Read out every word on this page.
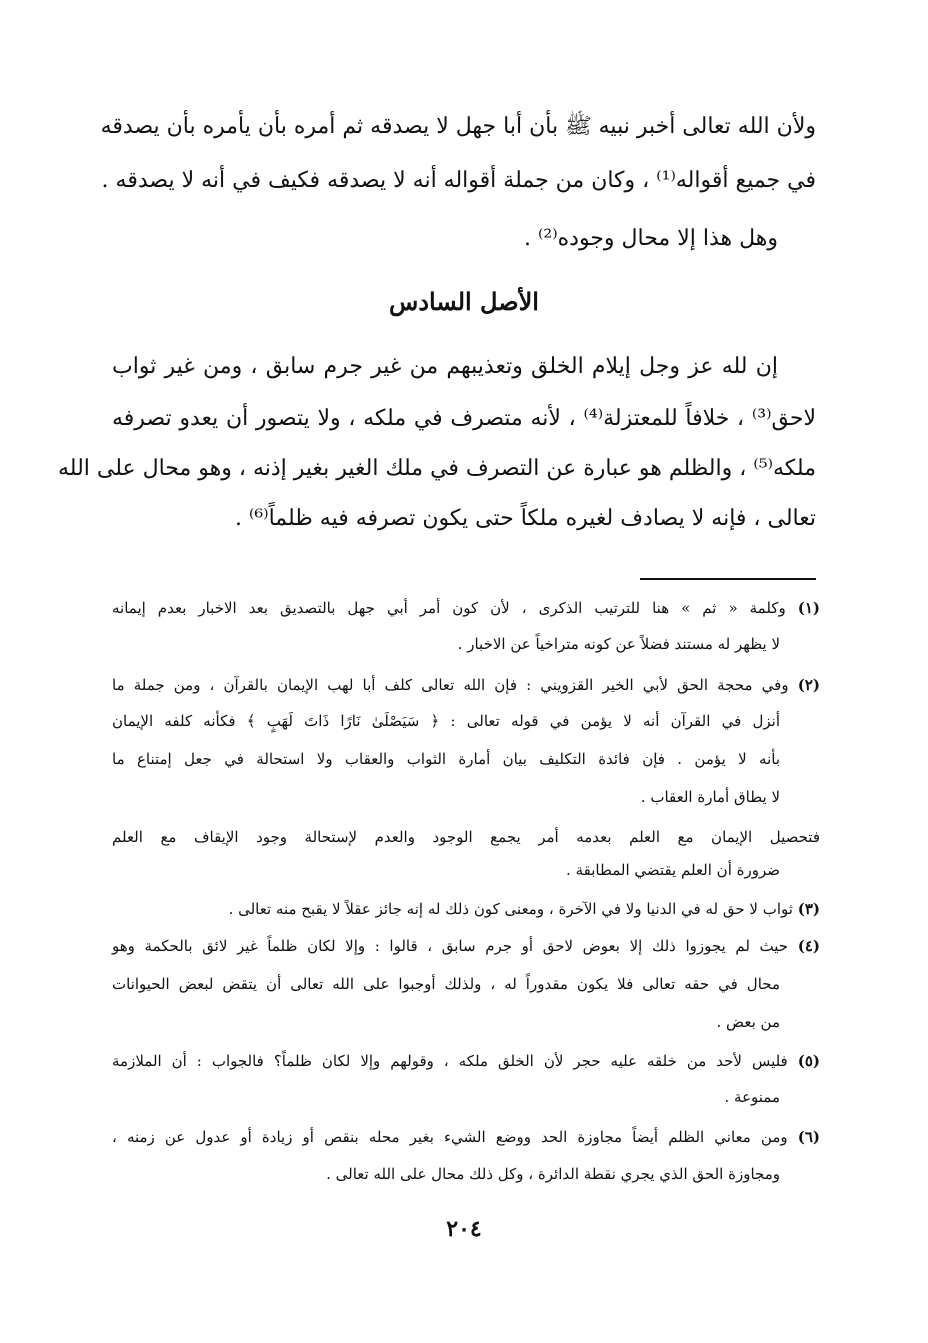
ولأن الله تعالى أخبر نبيه ﷺ بأن أبا جهل لا يصدقه ثم أمره بأن يأمره بأن يصدقه
في جميع أقواله⁽¹⁾ ، وكان من جملة أقواله أنه لا يصدقه فكيف في أنه لا يصدقه .
وهل هذا إلا محال وجوده⁽²⁾ .
الأصل السادس
إن لله عز وجل إيلام الخلق وتعذيبهم من غير جرم سابق ، ومن غير ثواب
لاحق⁽³⁾ ، خلافاً للمعتزلة⁽⁴⁾ ، لأنه متصرف في ملكه ، ولا يتصور أن يعدو تصرفه
ملكه⁽⁵⁾ ، والظلم هو عبارة عن التصرف في ملك الغير بغير إذنه ، وهو محال على الله
تعالى ، فإنه لا يصادف لغيره ملكاً حتى يكون تصرفه فيه ظلماً⁽⁶⁾ .
(١) وكلمة « ثم » هنا للترتيب الذكرى ، لأن كون أمر أبي جهل بالتصديق بعد الاخبار بعدم إيمانه
لا يظهر له مستند فضلاً عن كونه متراخياً عن الاخبار .
(٢) وفي محجة الحق لأبي الخير القزويني : فإن الله تعالى كلف أبا لهب الإيمان بالقرآن ، ومن جملة ما
أنزل في القرآن أنه لا يؤمن في قوله تعالى : ﴿ سَيَصْلَىٰ نَارًا ذَاتَ لَهَبٍ ﴾ فكأنه كلفه الإيمان
بأنه لا يؤمن . فإن فائدة التكليف بيان أمارة الثواب والعقاب ولا استحالة في جعل إمتناع ما
لا يطاق أمارة العقاب .
فتحصيل الإيمان مع العلم بعدمه أمر يجمع الوجود والعدم لإستحالة وجود الإيقاف مع العلم
ضرورة أن العلم يقتضي المطابقة .
(٣) ثواب لا حق له في الدنيا ولا في الآخرة ، ومعنى كون ذلك له إنه جائز عقلاً لا يقبح منه تعالى .
(٤) حيث لم يجوزوا ذلك إلا بعوض لاحق أو جرم سابق ، قالوا : وإلا لكان ظلماً غير لائق بالحكمة وهو
محال في حقه تعالى فلا يكون مقدوراً له ، ولذلك أوجبوا على الله تعالى أن يتقض لبعض الحيوانات
من بعض .
(٥) فليس لأحد من خلقه عليه حجر لأن الخلق ملكه ، وقولهم وإلا لكان ظلماً؟ فالجواب : أن الملازمة
ممنوعة .
(٦) ومن معاني الظلم أيضاً مجاوزة الحد ووضع الشيء بغير محله بنقص أو زيادة أو عدول عن زمنه ،
ومجاوزة الحق الذي يجري نقطة الدائرة ، وكل ذلك محال على الله تعالى .
٢٠٤
